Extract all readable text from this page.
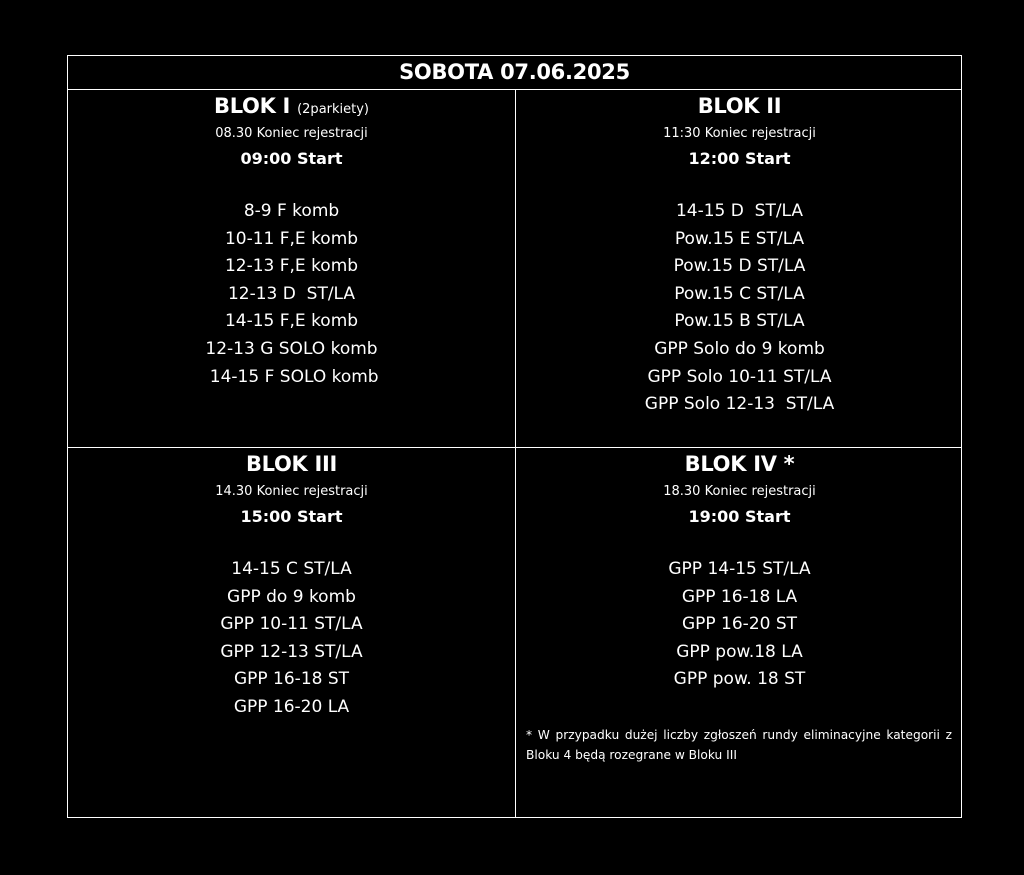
SOBOTA 07.06.2025
BLOK I (2parkiety)
08.30 Koniec rejestracji
09:00 Start
8-9 F komb
10-11 F,E komb
12-13 F,E komb
12-13 D  ST/LA
14-15 F,E komb
12-13 G SOLO komb
14-15 F SOLO komb
BLOK II
11:30 Koniec rejestracji
12:00 Start
14-15 D  ST/LA
Pow.15 E ST/LA
Pow.15 D ST/LA
Pow.15 C ST/LA
Pow.15 B ST/LA
GPP Solo do 9 komb
GPP Solo 10-11 ST/LA
GPP Solo 12-13  ST/LA
BLOK III
14.30 Koniec rejestracji
15:00 Start
14-15 C ST/LA
GPP do 9 komb
GPP 10-11 ST/LA
GPP 12-13 ST/LA
GPP 16-18 ST
GPP 16-20 LA
BLOK IV *
18.30 Koniec rejestracji
19:00 Start
GPP 14-15 ST/LA
GPP 16-18 LA
GPP 16-20 ST
GPP pow.18 LA
GPP pow. 18 ST
* W przypadku dużej liczby zgłoszeń rundy eliminacyjne kategorii z Bloku 4 będą rozegrane w Bloku III
